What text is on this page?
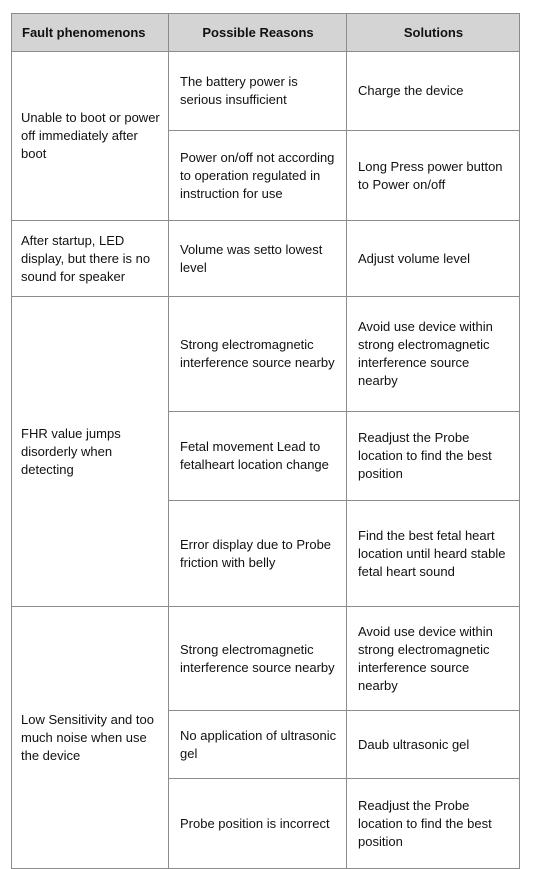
Fault phenomenons	Possible Reasons	Solutions
Unable to boot or power off immediately after boot	The battery power is serious insufficient	Charge the device
	Power on/off not according to operation regulated in instruction for use	Long Press power button to Power on/off
After startup, LED display, but there is no sound for speaker	Volume was setto lowest level	Adjust volume level
FHR value jumps disorderly when detecting	Strong electromagnetic interference source nearby	Avoid use device within strong electromagnetic interference source nearby
	Fetal movement Lead to fetalheart location change	Readjust the Probe location to find the best position
	Error display due to Probe friction with belly	Find the best fetal heart location until heard stable fetal heart sound
Low Sensitivity and too much noise when use the device	Strong electromagnetic interference source nearby	Avoid use device within strong electromagnetic interference source nearby
	No application of ultrasonic gel	Daub ultrasonic gel
	Probe position is incorrect	Readjust the Probe location to find the best position
